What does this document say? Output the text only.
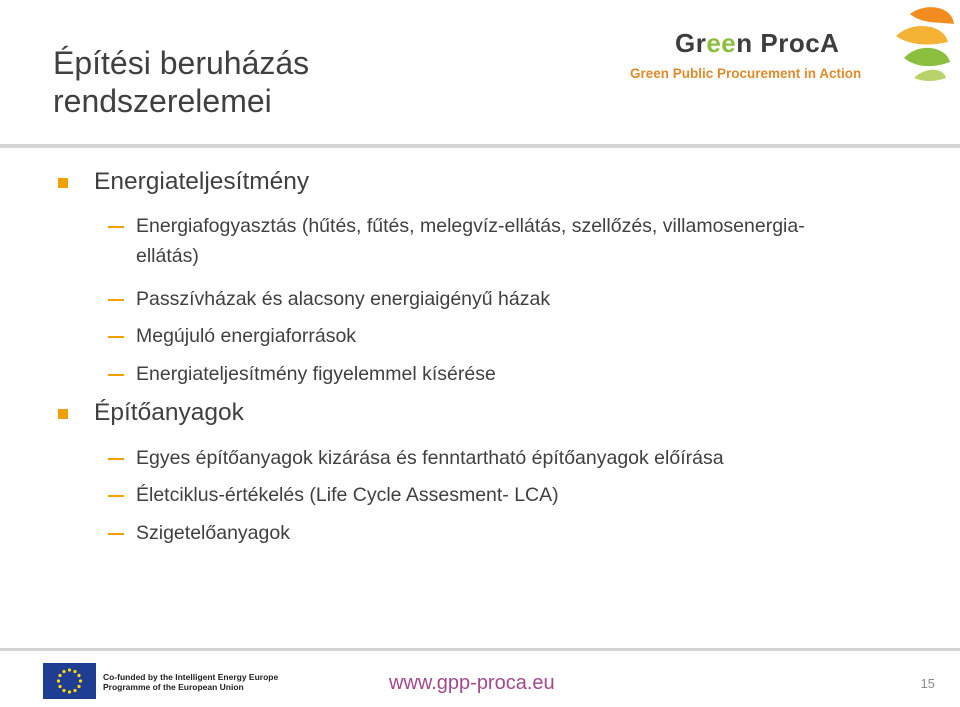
Építési beruházás
rendszerelemei
Green ProcA
Green Public Procurement in Action
Energiateljesítmény
Energiafogyasztás (hűtés, fűtés, melegvíz-ellátás, szellőzés, villamosenergia-ellátás)
Passzívházak és alacsony energiaigényű házak
Megújuló energiaforrások
Energiateljesítmény figyelemmel kísérése
Építőanyagok
Egyes építőanyagok kizárása és fenntartható építőanyagok előírása
Életciklus-értékelés (Life Cycle Assesment- LCA)
Szigetelőanyagok
Co-funded by the Intelligent Energy Europe
Programme of the European Union	www.gpp-proca.eu	15
